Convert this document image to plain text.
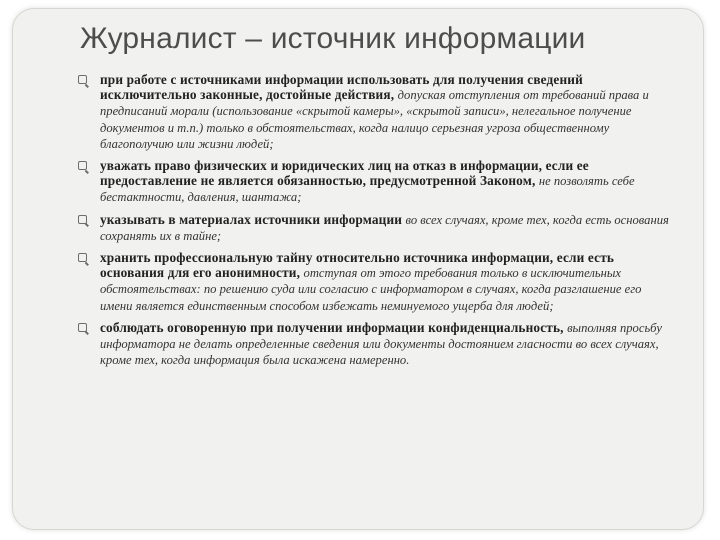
Журналист – источник информации
при работе с источниками информации использовать для получения сведений исключительно законные, достойные действия, допуская отступления от требований права и предписаний морали (использование «скрытой камеры», «скрытой записи», нелегальное получение документов и т.п.) только в обстоятельствах, когда налицо серьезная угроза общественному благополучию или жизни людей;
уважать право физических и юридических лиц на отказ в информации, если ее предоставление не является обязанностью, предусмотренной Законом, не позволять себе бестактности, давления, шантажа;
указывать в материалах источники информации во всех случаях, кроме тех, когда есть основания сохранять их в тайне;
хранить профессиональную тайну относительно источника информации, если есть основания для его анонимности, отступая от этого требования только в исключительных обстоятельствах: по решению суда или согласию с информатором в случаях, когда разглашение его имени является единственным способом избежать неминуемого ущерба для людей;
соблюдать оговоренную при получении информации конфиденциальность, выполняя просьбу информатора не делать определенные сведения или документы достоянием гласности во всех случаях, кроме тех, когда информация была искажена намеренно.
